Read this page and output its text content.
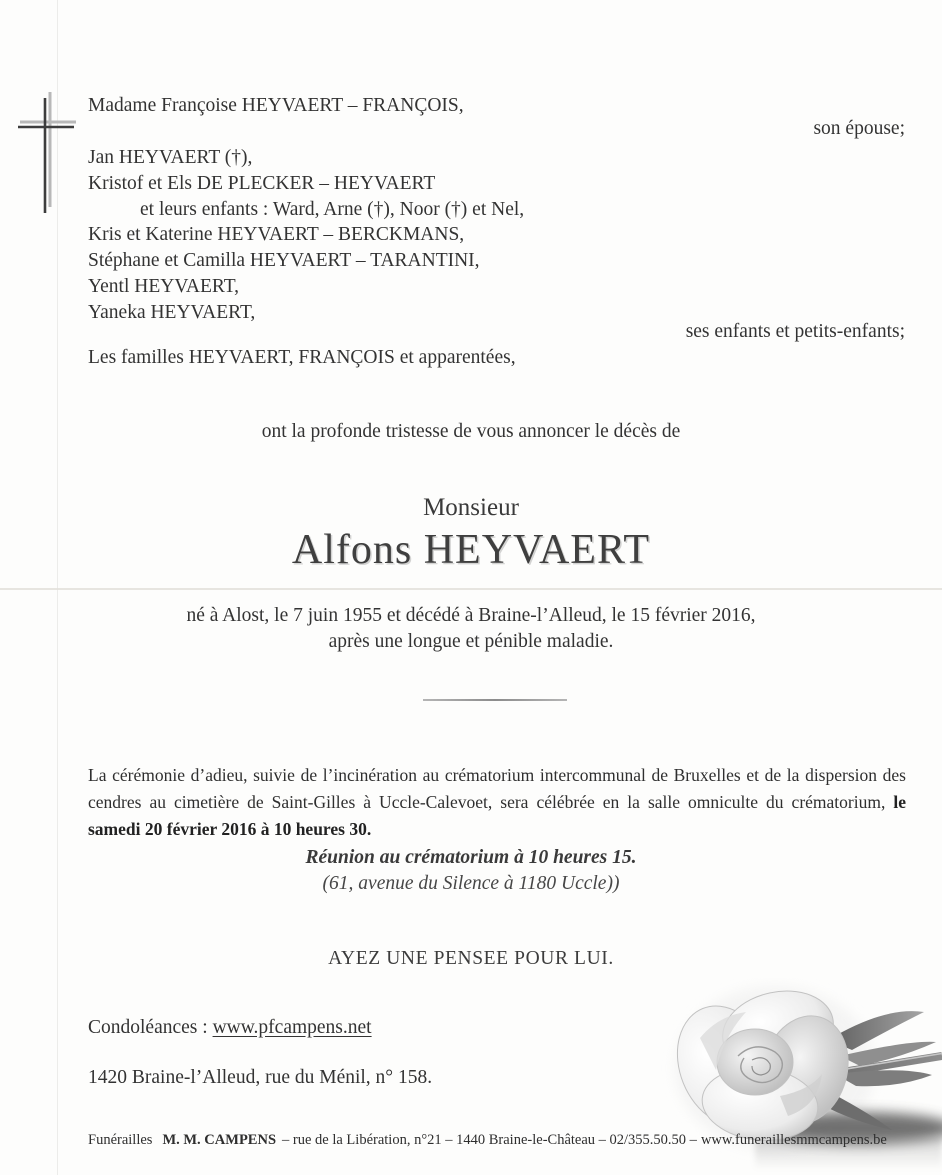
Madame Françoise HEYVAERT – FRANÇOIS,
son épouse;
Jan HEYVAERT (†),
Kristof et Els DE PLECKER – HEYVAERT
et leurs enfants : Ward, Arne (†), Noor (†) et Nel,
Kris et Katerine HEYVAERT – BERCKMANS,
Stéphane et Camilla HEYVAERT – TARANTINI,
Yentl HEYVAERT,
Yaneka HEYVAERT,
ses enfants et petits-enfants;
Les familles HEYVAERT, FRANÇOIS et apparentées,
ont la profonde tristesse de vous annoncer le décès de
Monsieur
Alfons HEYVAERT
né à Alost, le 7 juin 1955 et décédé à Braine-l’Alleud, le 15 février 2016,
après une longue et pénible maladie.

La cérémonie d’adieu, suivie de l’incinération au crématorium intercommunal de Bruxelles et de la dispersion des cendres au cimetière de Saint-Gilles à Uccle-Calevoet, sera célébrée en la salle omniculte du crématorium, le samedi 20 février 2016 à 10 heures 30.

Réunion au crématorium à 10 heures 15.
(61, avenue du Silence à 1180 Uccle))
AYEZ UNE PENSEE POUR LUI.
Condoléances : www.pfcampens.net
1420 Braine-l’Alleud, rue du Ménil, n° 158.
Funérailles M. M. CAMPENS – rue de la Libération, n°21 – 1440 Braine-le-Château – 02/355.50.50 – www.funeraillesmmcampens.be
